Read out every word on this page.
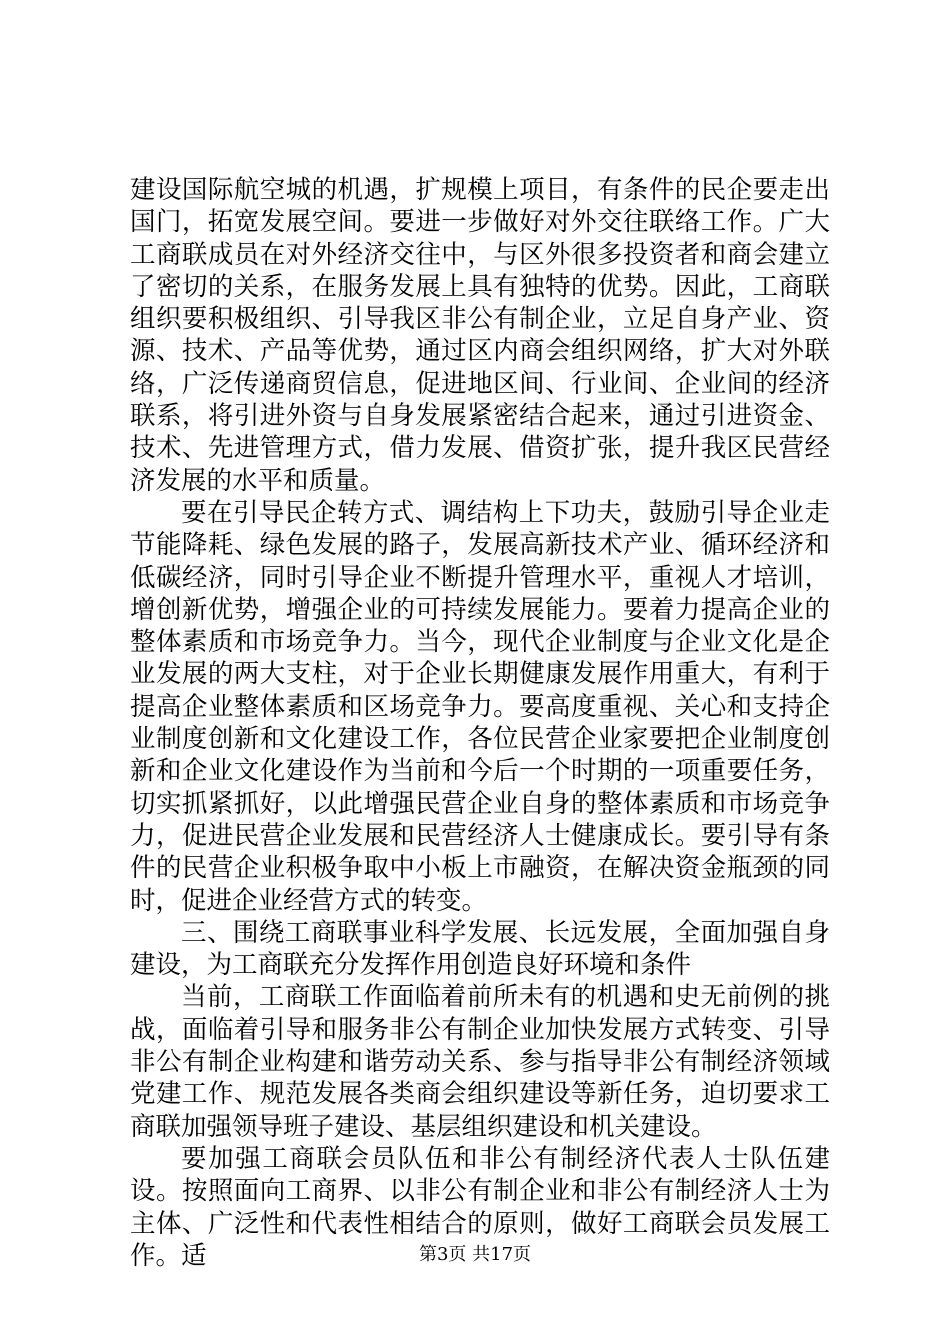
建设国际航空城的机遇，扩规模上项目，有条件的民企要走出国门，拓宽发展空间。要进一步做好对外交往联络工作。广大工商联成员在对外经济交往中，与区外很多投资者和商会建立了密切的关系，在服务发展上具有独特的优势。因此，工商联组织要积极组织、引导我区非公有制企业，立足自身产业、资源、技术、产品等优势，通过区内商会组织网络，扩大对外联络，广泛传递商贸信息，促进地区间、行业间、企业间的经济联系，将引进外资与自身发展紧密结合起来，通过引进资金、技术、先进管理方式，借力发展、借资扩张，提升我区民营经济发展的水平和质量。

要在引导民企转方式、调结构上下功夫，鼓励引导企业走节能降耗、绿色发展的路子，发展高新技术产业、循环经济和低碳经济，同时引导企业不断提升管理水平，重视人才培训，增创新优势，增强企业的可持续发展能力。要着力提高企业的整体素质和市场竞争力。当今，现代企业制度与企业文化是企业发展的两大支柱，对于企业长期健康发展作用重大，有利于提高企业整体素质和区场竞争力。要高度重视、关心和支持企业制度创新和文化建设工作，各位民营企业家要把企业制度创新和企业文化建设作为当前和今后一个时期的一项重要任务，切实抓紧抓好，以此增强民营企业自身的整体素质和市场竞争力，促进民营企业发展和民营经济人士健康成长。要引导有条件的民营企业积极争取中小板上市融资，在解决资金瓶颈的同时，促进企业经营方式的转变。

三、围绕工商联事业科学发展、长远发展，全面加强自身建设，为工商联充分发挥作用创造良好环境和条件

当前，工商联工作面临着前所未有的机遇和史无前例的挑战，面临着引导和服务非公有制企业加快发展方式转变、引导非公有制企业构建和谐劳动关系、参与指导非公有制经济领域党建工作、规范发展各类商会组织建设等新任务，迫切要求工商联加强领导班子建设、基层组织建设和机关建设。

要加强工商联会员队伍和非公有制经济代表人士队伍建设。按照面向工商界、以非公有制企业和非公有制经济人士为主体、广泛性和代表性相结合的原则，做好工商联会员发展工作。适	第3页 共17页
